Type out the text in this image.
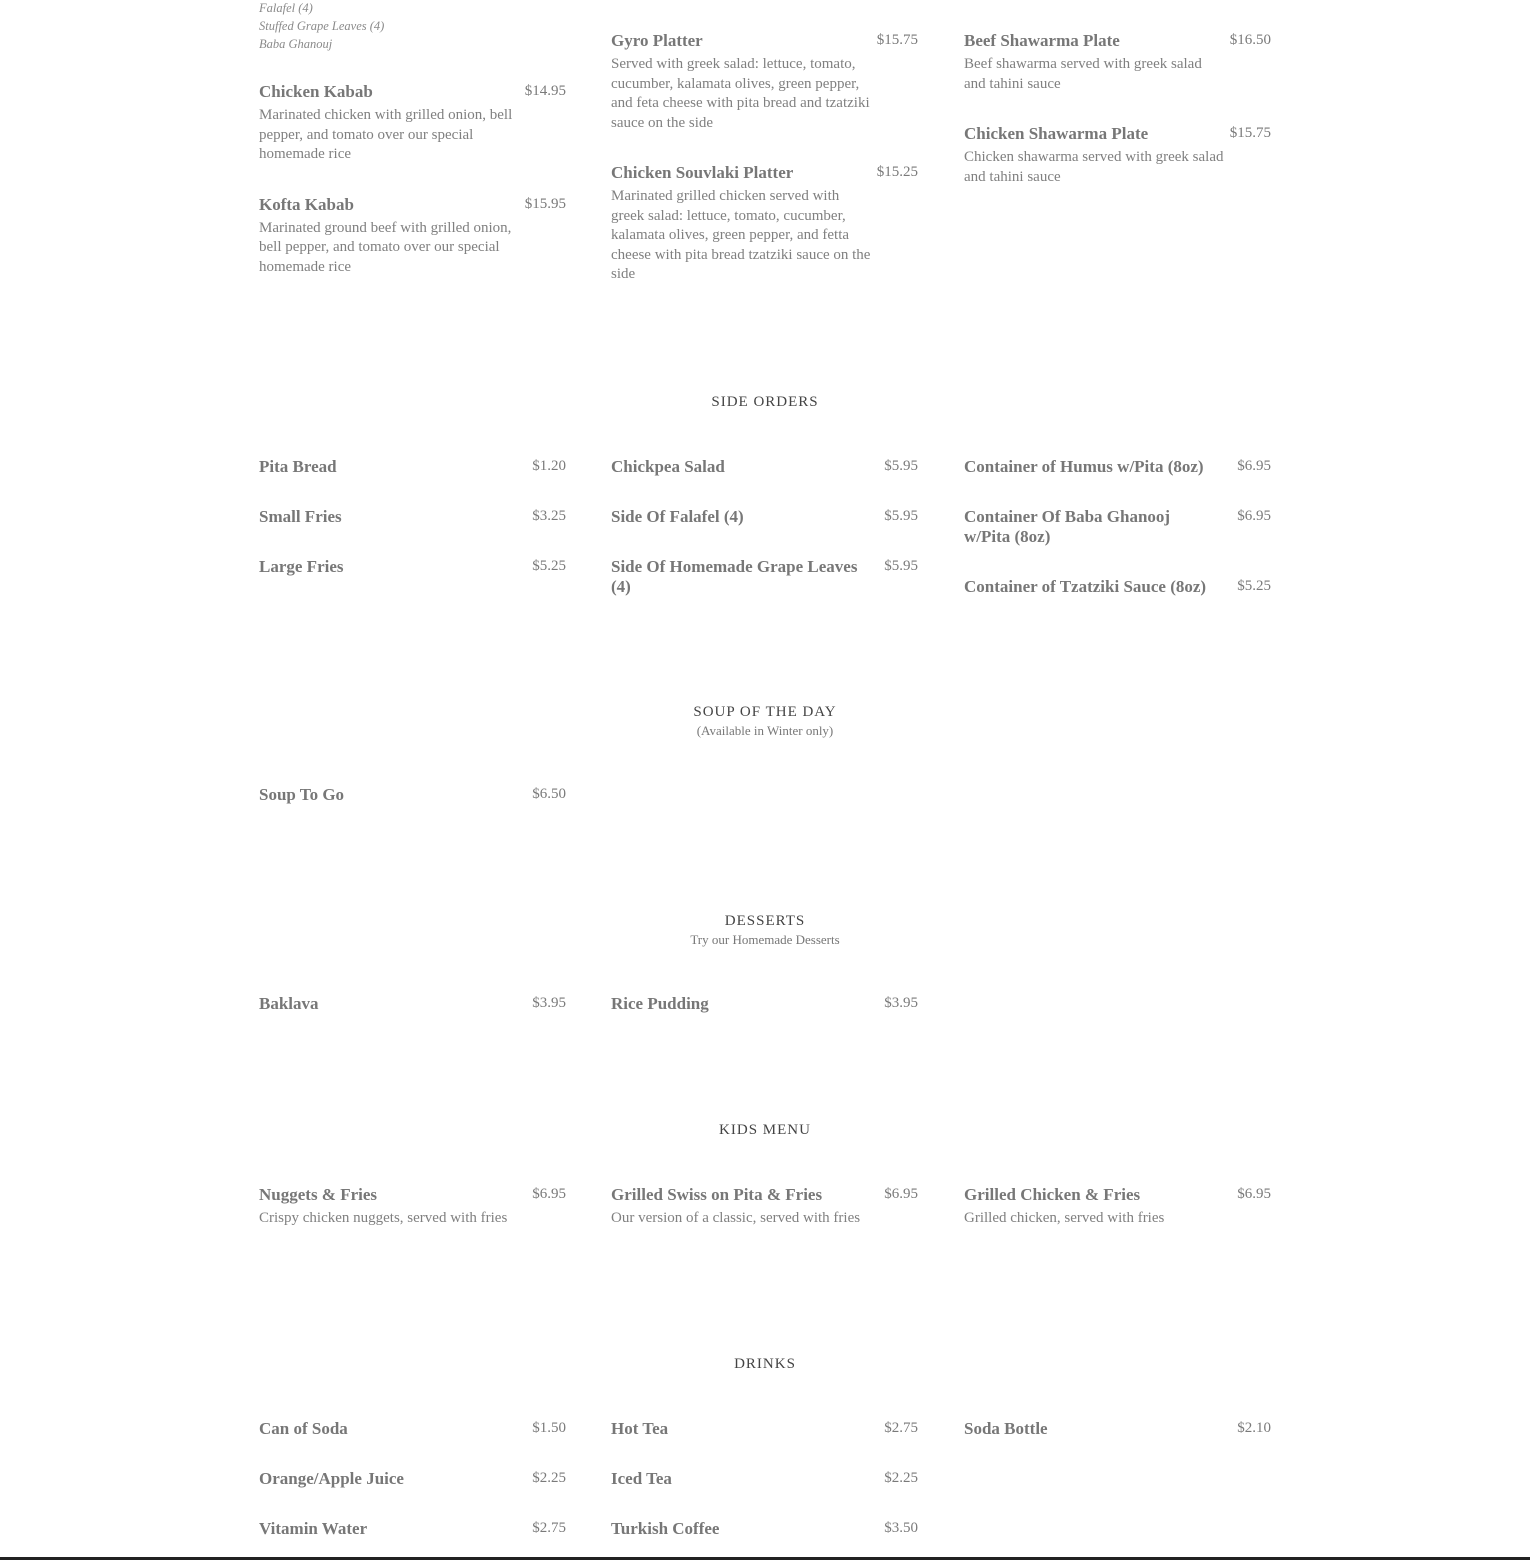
Falafel (4)
Stuffed Grape Leaves (4)
Baba Ghanouj
Chicken Kabab	$14.95
Marinated chicken with grilled onion, bell pepper, and tomato over our special homemade rice
Kofta Kabab	$15.95
Marinated ground beef with grilled onion, bell pepper, and tomato over our special homemade rice
Gyro Platter	$15.75
Served with greek salad: lettuce, tomato, cucumber, kalamata olives, green pepper, and feta cheese with pita bread and tzatziki sauce on the side
Chicken Souvlaki Platter	$15.25
Marinated grilled chicken served with greek salad: lettuce, tomato, cucumber, kalamata olives, green pepper, and fetta cheese with pita bread tzatziki sauce on the side
Beef Shawarma Plate	$16.50
Beef shawarma served with greek salad and tahini sauce
Chicken Shawarma Plate	$15.75
Chicken shawarma served with greek salad and tahini sauce
SIDE ORDERS
Pita Bread	$1.20
Small Fries	$3.25
Large Fries	$5.25
Chickpea Salad	$5.95
Side Of Falafel (4)	$5.95
Side Of Homemade Grape Leaves (4)
$5.95
Container of Humus w/Pita (8oz) $6.95
Container Of Baba Ghanooj w/Pita (8oz)
$6.95
Container of Tzatziki Sauce (8oz) $5.25
SOUP OF THE DAY
(Available in Winter only)
Soup To Go	$6.50
DESSERTS
Try our Homemade Desserts
Baklava	$3.95	Rice Pudding	$3.95
KIDS MENU
Nuggets & Fries	$6.95
Crispy chicken nuggets, served with fries
Grilled Swiss on Pita & Fries	$6.95
Our version of a classic, served with fries
Grilled Chicken & Fries	$6.95
Grilled chicken, served with fries
DRINKS
Can of Soda	$1.50
Orange/Apple Juice	$2.25
Vitamin Water	$2.75
Hot Tea	$2.75
Iced Tea	$2.25
Turkish Coffee	$3.50
Soda Bottle	$2.10
